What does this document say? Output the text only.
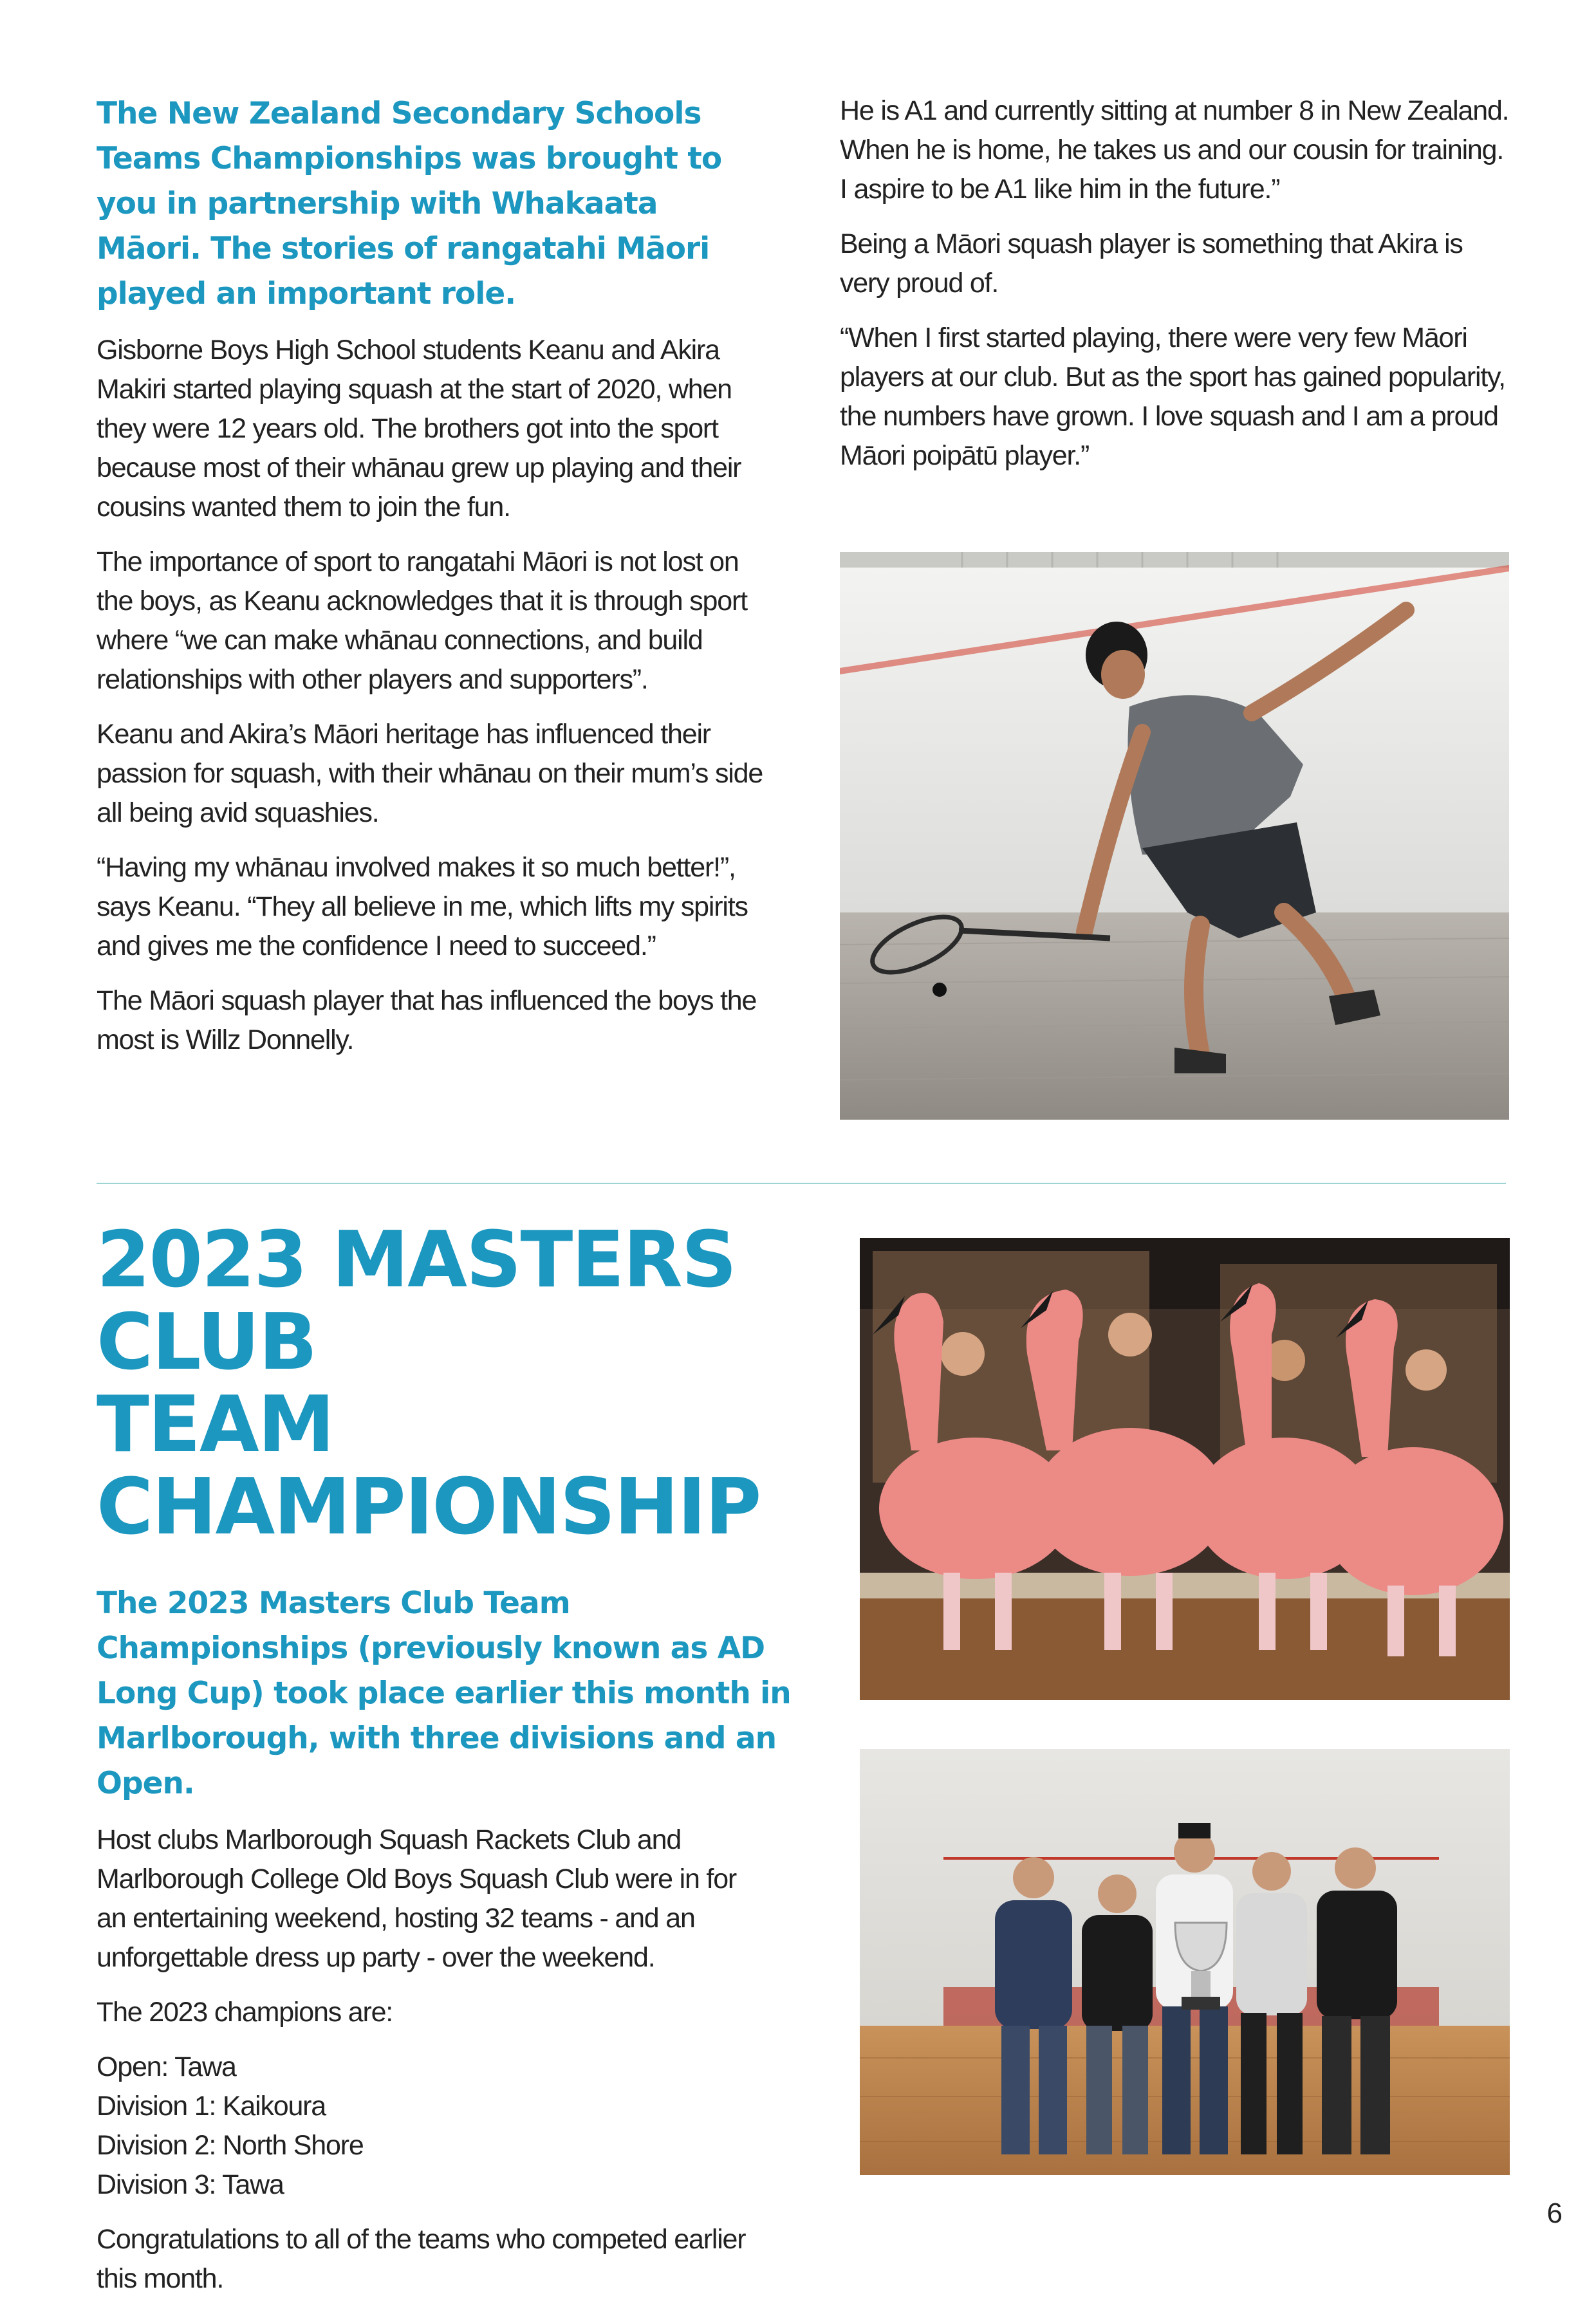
The New Zealand Secondary Schools Teams Championships was brought to you in partnership with Whakaata Māori. The stories of rangatahi Māori played an important role.

Gisborne Boys High School students Keanu and Akira Makiri started playing squash at the start of 2020, when they were 12 years old. The brothers got into the sport because most of their whānau grew up playing and their cousins wanted them to join the fun.

The importance of sport to rangatahi Māori is not lost on the boys, as Keanu acknowledges that it is through sport where “we can make whānau connections, and build relationships with other players and supporters”.

Keanu and Akira’s Māori heritage has influenced their passion for squash, with their whānau on their mum’s side all being avid squashies.

“Having my whānau involved makes it so much better!”, says Keanu. “They all believe in me, which lifts my spirits and gives me the confidence I need to succeed.”

The Māori squash player that has influenced the boys the most is Willz Donnelly.

He is A1 and currently sitting at number 8 in New Zealand. When he is home, he takes us and our cousin for training. I aspire to be A1 like him in the future.”

Being a Māori squash player is something that Akira is very proud of.

“When I first started playing, there were very few Māori players at our club. But as the sport has gained popularity, the numbers have grown. I love squash and I am a proud Māori poipātū player.”

2023 MASTERS CLUB
TEAM CHAMPIONSHIP

The 2023 Masters Club Team Championships (previously known as AD Long Cup) took place earlier this month in Marlborough, with three divisions and an Open.

Host clubs Marlborough Squash Rackets Club and Marlborough College Old Boys Squash Club were in for an entertaining weekend, hosting 32 teams - and an unforgettable dress up party - over the weekend.

The 2023 champions are:

Open: Tawa
Division 1: Kaikoura
Division 2: North Shore
Division 3: Tawa

Congratulations to all of the teams who competed earlier this month.

6
